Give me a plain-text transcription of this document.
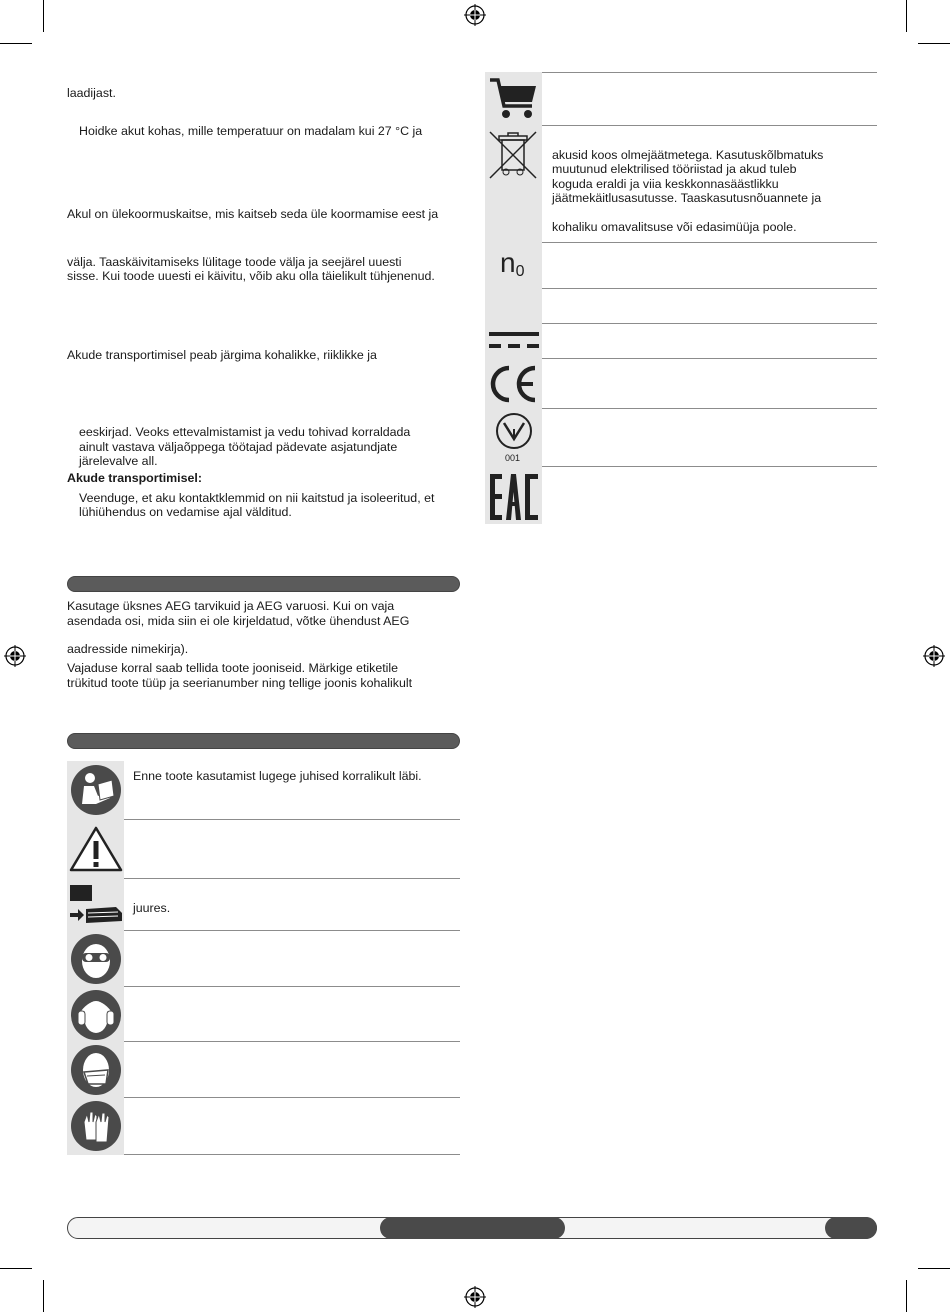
laadijast.
Hoidke akut kohas, mille temperatuur on madalam kui 27 °C ja
Akul on ülekoormuskaitse, mis kaitseb seda üle koormamise eest ja
välja. Taaskäivitamiseks lülitage toode välja ja seejärel uuesti
sisse. Kui toode uuesti ei käivitu, võib aku olla täielikult tühjenenud.
Akude transportimisel peab järgima kohalikke, riiklikke ja
eeskirjad. Veoks ettevalmistamist ja vedu tohivad korraldada
ainult vastava väljaõppega töötajad pädevate asjatundjate
järelevalve all.
Akude transportimisel:
Veenduge, et aku kontaktklemmid on nii kaitstud ja isoleeritud, et
lühiühendus on vedamise ajal välditud.
Kasutage üksnes AEG tarvikuid ja AEG varuosi. Kui on vaja
asendada osi, mida siin ei ole kirjeldatud, võtke ühendust AEG
aadresside nimekirja).
Vajaduse korral saab tellida toote jooniseid. Märkige etiketile
trükitud toote tüüp ja seerianumber ning tellige joonis kohalikult
Enne toote kasutamist lugege juhised korralikult läbi.
juures.
akusid koos olmejäätmetega. Kasutuskõlbmatuks
muutunud elektrilised tööriistad ja akud tuleb
koguda eraldi ja viia keskkonnasäästlikku
jäätmekäitlusasutusse. Taaskasutusnõuannete ja
kohaliku omavalitsuse või edasimüüja poole.
n0
001
